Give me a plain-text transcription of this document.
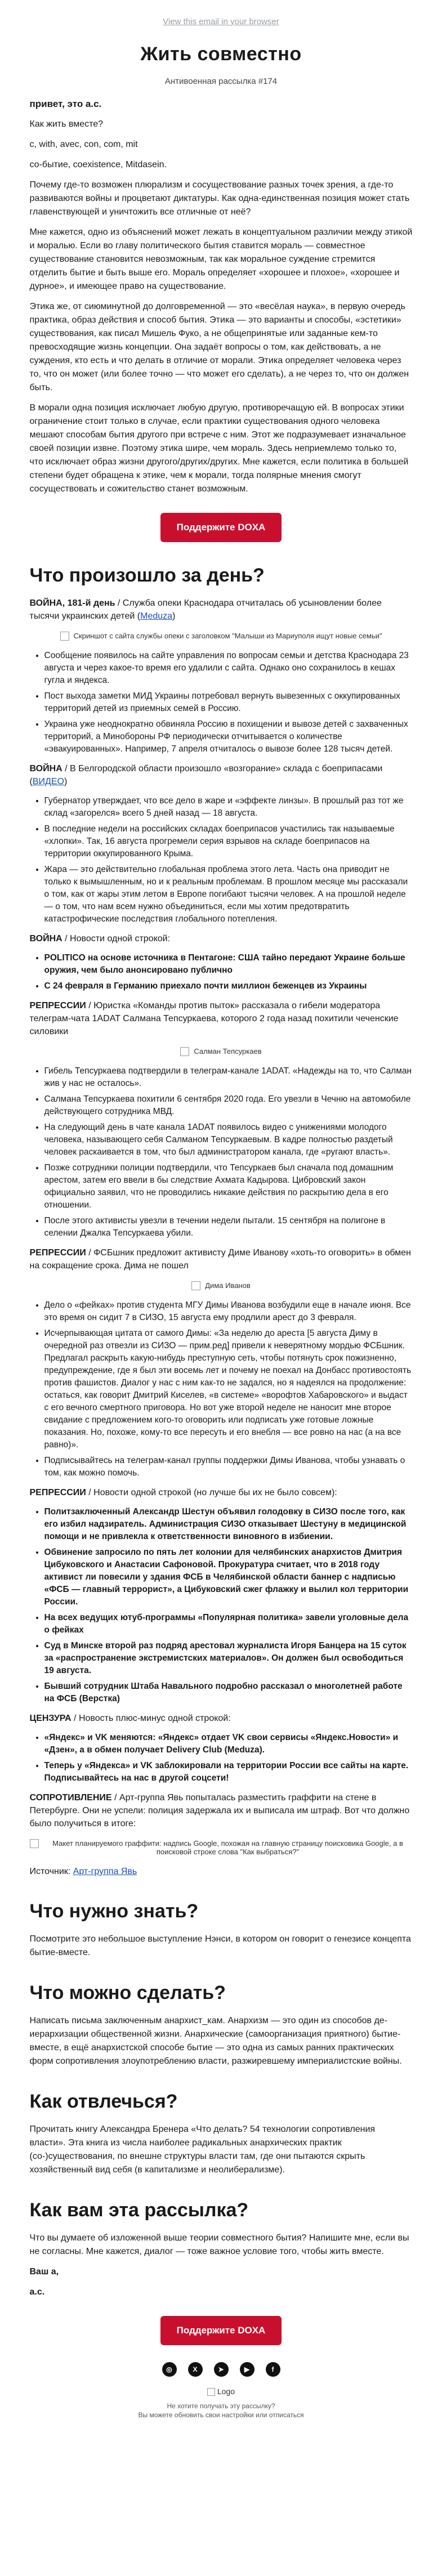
View this email in your browser
Жить совместно
Антивоенная рассылка #174
привет, это а.с.

Как жить вместе?

с, with, avec, con, com, mit

со-бытие, coexistence, Mitdasein.

Почему где-то возможен плюрализм и сосуществование разных точек зрения, а где-то развиваются войны и процветают диктатуры. Как одна-единственная позиция может стать главенствующей и уничтожить все отличные от неё?

Мне кажется, одно из объяснений может лежать в концептуальном различии между этикой и моралью. Если во главу политического бытия ставится мораль — совместное существование становится невозможным, так как моральное суждение стремится отделить бытие и быть выше его. Мораль определяет «хорошее и плохое», «хорошее и дурное», и имеющее право на существование.

Этика же, от сиюминутной до долговременной — это «весёлая наука», в первую очередь практика, образ действия и способ бытия. Этика — это варианты и способы, «эстетики» существования, как писал Мишель Фуко, а не общепринятые или заданные кем-то превосходящие жизнь концепции. Она задаёт вопросы о том, как действовать, а не суждения, кто есть и что делать в отличие от морали. Этика определяет человека через то, что он может (или более точно — что может его сделать), а не через то, что он должен быть.

В морали одна позиция исключает любую другую, противоречащую ей. В вопросах этики ограничение стоит только в случае, если практики существования одного человека мешают способам бытия другого при встрече с ним. Этот же подразумевает изначальное своей позиции извне. Поэтому этика шире, чем мораль. Здесь неприемлемо только то, что исключает образ жизни другого/других/других. Мне кажется, если политика в большей степени будет обращена к этике, чем к морали, тогда полярные мнения смогут сосуществовать и сожительство станет возможным.

Поддержите DOXA
Что произошло за день?
ВОЙНА, 181-й день / Служба опеки Краснодара отчиталась об усыновлении более тысячи украинских детей (Meduza)
Скриншот с сайта службы опеки с заголовком "Малыши из Мариуполя ищут новые семьи"
• Сообщение появилось на сайте управления по вопросам семьи и детства Краснодара 23 августа и через какое-то время его удалили с сайта. Однако оно сохранилось в кешах гугла и яндекса.
• Пост выхода заметки МИД Украины потребовал вернуть вывезенных с оккупированных территорий детей из приемных семей в Россию.
• Украина уже неоднократно обвиняла Россию в похищении и вывозе детей с захваченных территорий, а Минобороны РФ периодически отчитывается о количестве «эвакуированных». Например, 7 апреля отчиталось о вывозе более 128 тысяч детей.
ВОЙНА / В Белгородской области произошло «возгорание» склада с боеприпасами (ВИДЕО)
• Губернатор утверждает, что все дело в жаре и «эффекте линзы». В прошлый раз тот же склад «загорелся» всего 5 дней назад — 18 августа.
• В последние недели на российских складах боеприпасов участились так называемые «хлопки». Так, 16 августа прогремели серия взрывов на складе боеприпасов на территории оккупированного Крыма.
• Жара — это действительно глобальная проблема этого лета. Часть она приводит не только к вымышленным, но и к реальным проблемам. В прошлом месяце мы рассказали о том, как от жары этим летом в Европе погибают тысячи человек. А на прошлой неделе — о том, что нам всем нужно объединиться, если мы хотим предотвратить катастрофические последствия глобального потепления.
ВОЙНА / Новости одной строкой:
• POLITICO на основе источника в Пентагоне: США тайно передают Украине больше оружия, чем было анонсировано публично
• С 24 февраля в Германию приехало почти миллион беженцев из Украины
РЕПРЕССИИ / Юристка «Команды против пыток» рассказала о гибели модератора телеграм-чата 1ADAT Салмана Тепсуркаева, которого 2 года назад похитили чеченские силовики
Салман Тепсуркаев
• Гибель Тепсуркаева подтвердили в телеграм-канале 1ADAT. «Надежды на то, что Салман жив у нас не осталось».
• Салмана Тепсуркаева похитили 6 сентября 2020 года. Его увезли в Чечню на автомобиле действующего сотрудника МВД.
• На следующий день в чате канала 1ADAT появилось видео с унижениями молодого человека, называющего себя Салманом Тепсуркаевым. В кадре полностью раздетый человек раскаивается в том, что был администратором канала, где «ругают власть».
• Позже сотрудники полиции подтвердили, что Тепсуркаев был сначала под домашним арестом, затем его ввели в бы следствие Ахмата Кадырова. Цибровский закон официально заявил, что не проводились никакие действия по раскрытию дела в его отношении.
• После этого активисты увезли в течении недели пытали. 15 сентября на полигоне в селении Джалка Тепсуркаева убили.
РЕПРЕССИИ / ФСБшник предложит активисту Диме Иванову «хоть-то оговорить» в обмен на сокращение срока. Дима не пошел
Дима Иванов
• Дело о «фейках» против студента МГУ Димы Иванова возбудили еще в начале июня. Все это время он сидит 7 в СИЗО, 15 августа ему продлили арест до 3 февраля.
• Исчерпывающая цитата от самого Димы: «За неделю до ареста [5 августа Диму в очередной раз отвезли из СИЗО — прим.ред] привели к неверятному мордью ФСБшник. Предлагал раскрыть какую-нибудь преступную сеть, чтобы потянуть срок пожизненно, предупреждение, где я был эти восемь лет и почему не поехал на Донбасс противостоять против фашистов. Диалог у нас с ним как-то не задался, но я надеялся на продолжение: остаться, как говорит Дмитрий Киселев, «в системе» «ворофтов Хабаровского» и выдаст с его вечного смертного приговора. Но вот уже второй неделе не наносит мне второе свидание с предложением кого-то оговорить или подписать уже готовые ложные показания. Но, похоже, кому-то все пересуть и его внебля — все ровно на нас (а на все равно)».
• Подписывайтесь на телеграм-канал группы поддержки Димы Иванова, чтобы узнавать о том, как можно помочь.
РЕПРЕССИИ / Новости одной строкой (но лучше бы их не было совсем):
• Политзаключенный Александр Шестун объявил голодовку в СИЗО после того, как его избил надзиратель. Администрация СИЗО отказывает Шестуну в медицинской помощи и не привлекла к ответственности виновного в избиении.
• Обвинение запросило по пять лет колонии для челябинских анархистов Дмитрия Цибуковского и Анастасии Сафоновой. Прокуратура считает, что в 2018 году активист ли повесили у здания ФСБ в Челябинской области баннер с надписью «ФСБ — главный террорист», а Цибуковский сжег флажку и вылил кол территории России.
• На всех ведущих ютуб-программы «Популярная политика» завели уголовные дела о фейках
• Суд в Минске второй раз подряд арестовал журналиста Игоря Банцера на 15 суток за «распространение экстремистских материалов». Он должен был освободиться 19 августа.
• Бывший сотрудник Штаба Навального подробно рассказал о многолетней работе на ФСБ (Верстка)
ЦЕНЗУРА / Новость плюс-минус одной строкой:
• «Яндекс» и VK меняются: «Яндекс» отдает VK свои сервисы «Яндекс.Новости» и «Дзен», а в обмен получает Delivery Club (Meduza).
• Теперь у «Яндекса» и VK заблокировали на территории России все сайты на карте. Подписывайтесь на нас в другой соцсети!
СОПРОТИВЛЕНИЕ / Арт-группа Явь попыталась разместить граффити на стене в Петербурге. Они не успели: полиция задержала их и выписала им штраф. Вот что должно было получиться в итоге:
Макет планируемого граффити: надпись Google, похожая на главную страницу поисковика Google, а в поисковой строке слова "Как выбраться?"
Источник: Арт-группа Явь
Что нужно знать?

Посмотрите это небольшое выступление Нэнси, в котором он говорит о генезисе концепта бытие-вместе.

Что можно сделать?

Написать письма заключенным анархист_кам. Анархизм — это один из способов де-иерархизации общественной жизни. Анархические (самоорганизация приятного) бытие-вместе, в ещё анархистской способе бытие — это одна из самых ранних практических форм сопротивления злоупотреблению власти, разжиревшему империалистские войны.

Как отвлечься?

Прочитать книгу Александра Бренера «Что делать? 54 технологии сопротивления власти». Эта книга из числа наиболее радикальных анархических практик (со-)существования, по внешне структуры власти там, где они пытаются скрыть хозяйственный вид себя (в капитализме и неолиберализме).

Как вам эта рассылка?

Что вы думаете об изложенной выше теории совместного бытия? Напишите мне, если вы не согласны. Мне кажется, диалог — тоже важное условие того, чтобы жить вместе.

Ваш а,

а.с.

Поддержите DOXA
◎	X	➤	▶	f
Logo
Не хотите получать эту рассылку?
Вы можете обновить свои настройки или отписаться
